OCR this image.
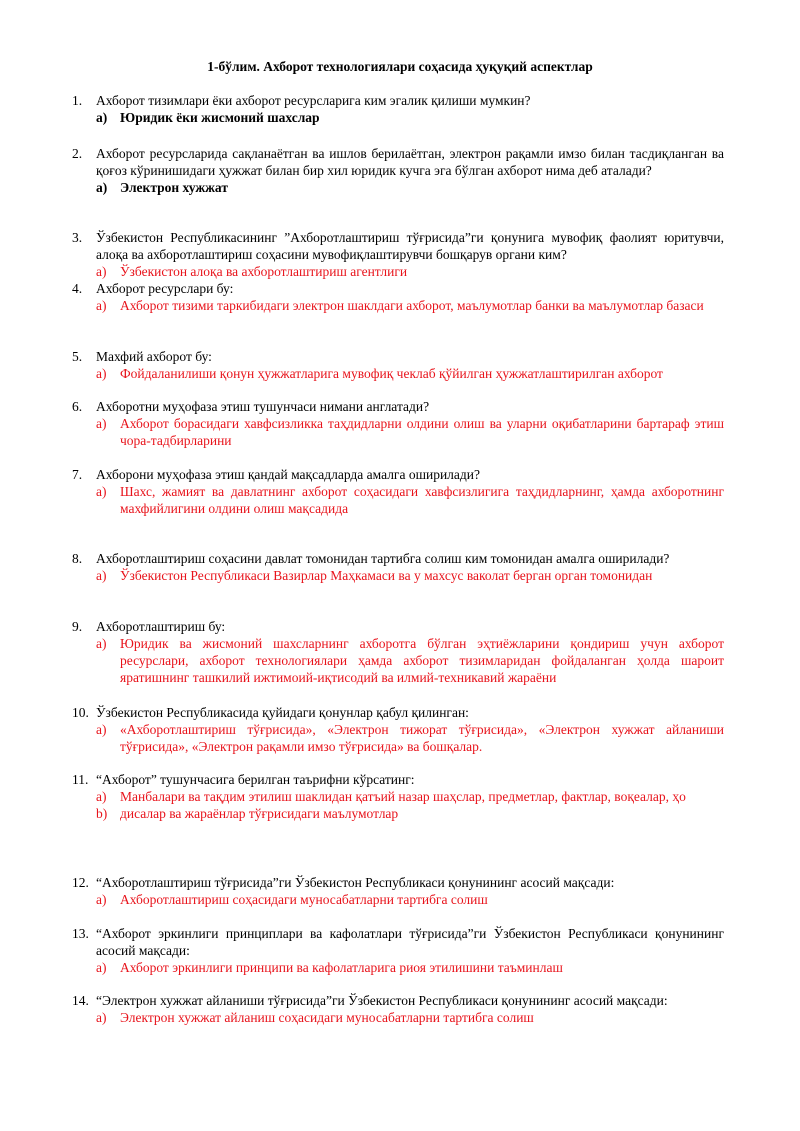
1-бўлим. Ахборот технологиялари соҳасида ҳуқуқий аспектлар
1. Ахборот тизимлари ёки ахборот ресурсларига ким эгалик қилиши мумкин?
a) Юридик ёки жисмоний шахслар
2. Ахборот ресурсларида сақланаётган ва ишлов берилаётган, электрон рақамли имзо билан тасдиқланган ва қоғоз кўринишидаги ҳужжат билан бир хил юридик кучга эга бўлган ахборот нима деб аталади?
a) Электрон хужжат
3. Ўзбекистон Республикасининг ”Ахборотлаштириш тўғрисида”ги қонунига мувофиқ фаолият юритувчи, алоқа ва ахборотлаштириш соҳасини мувофиқлаштирувчи бошқарув органи ким?
a) Ўзбекистон алоқа ва ахборотлаштириш агентлиги
4. Ахборот ресурслари бу:
a) Ахборот тизими таркибидаги электрон шаклдаги ахборот, маълумотлар банки ва маълумотлар базаси
5. Махфий ахборот бу:
a) Фойдаланилиши қонун ҳужжатларига мувофиқ чеклаб қўйилган ҳужжатлаштирилган ахборот
6. Ахборотни муҳофаза этиш тушунчаси нимани англатади?
a) Ахборот борасидаги хавфсизликка таҳдидларни олдини олиш ва уларни оқибатларини бартараф этиш чора-тадбирларини
7. Ахборони муҳофаза этиш қандай мақсадларда амалга оширилади?
a) Шахс, жамият ва давлатнинг ахборот соҳасидаги хавфсизлигига таҳдидларнинг, ҳамда ахборотнинг махфийлигини олдини олиш мақсадида
8. Ахборотлаштириш соҳасини давлат томонидан тартибга солиш ким томонидан амалга оширилади?
a) Ўзбекистон Республикаси Вазирлар Маҳкамаси ва у махсус ваколат берган орган томонидан
9. Ахборотлаштириш бу:
a) Юридик ва жисмоний шахсларнинг ахборотга бўлган эҳтиёжларини қондириш учун ахборот ресурслари, ахборот технологиялари ҳамда ахборот тизимларидан фойдаланган ҳолда шароит яратишнинг ташкилий ижтимоий-иқтисодий ва илмий-техникавий жараёни
10. Ўзбекистон Республикасида қуйидаги қонунлар қабул қилинган:
a) «Ахборотлаштириш тўғрисида», «Электрон тижорат тўғрисида», «Электрон хужжат айланиши тўғрисида», «Электрон рақамли имзо тўғрисида» ва бошқалар.
11. “Ахборот” тушунчасига берилган таърифни кўрсатинг:
a) Манбалари ва тақдим этилиш шаклидан қатъий назар шаҳслар, предметлар, фактлар, воқеалар, ҳо
b) дисалар ва жараёнлар тўғрисидаги маълумотлар
12. “Ахборотлаштириш тўғрисида”ги Ўзбекистон Республикаси қонунининг асосий мақсади:
a) Ахборотлаштириш соҳасидаги муносабатларни тартибга солиш
13. “Ахборот эркинлиги принциплари ва кафолатлари тўғрисида”ги Ўзбекистон Республикаси қонунининг асосий мақсади:
a) Ахборот эркинлиги принципи ва кафолатларига риоя этилишини таъминлаш
14. “Электрон хужжат айланиши тўғрисида”ги Ўзбекистон Республикаси қонунининг асосий мақсади:
a) Электрон хужжат айланиш соҳасидаги муносабатларни тартибга солиш
